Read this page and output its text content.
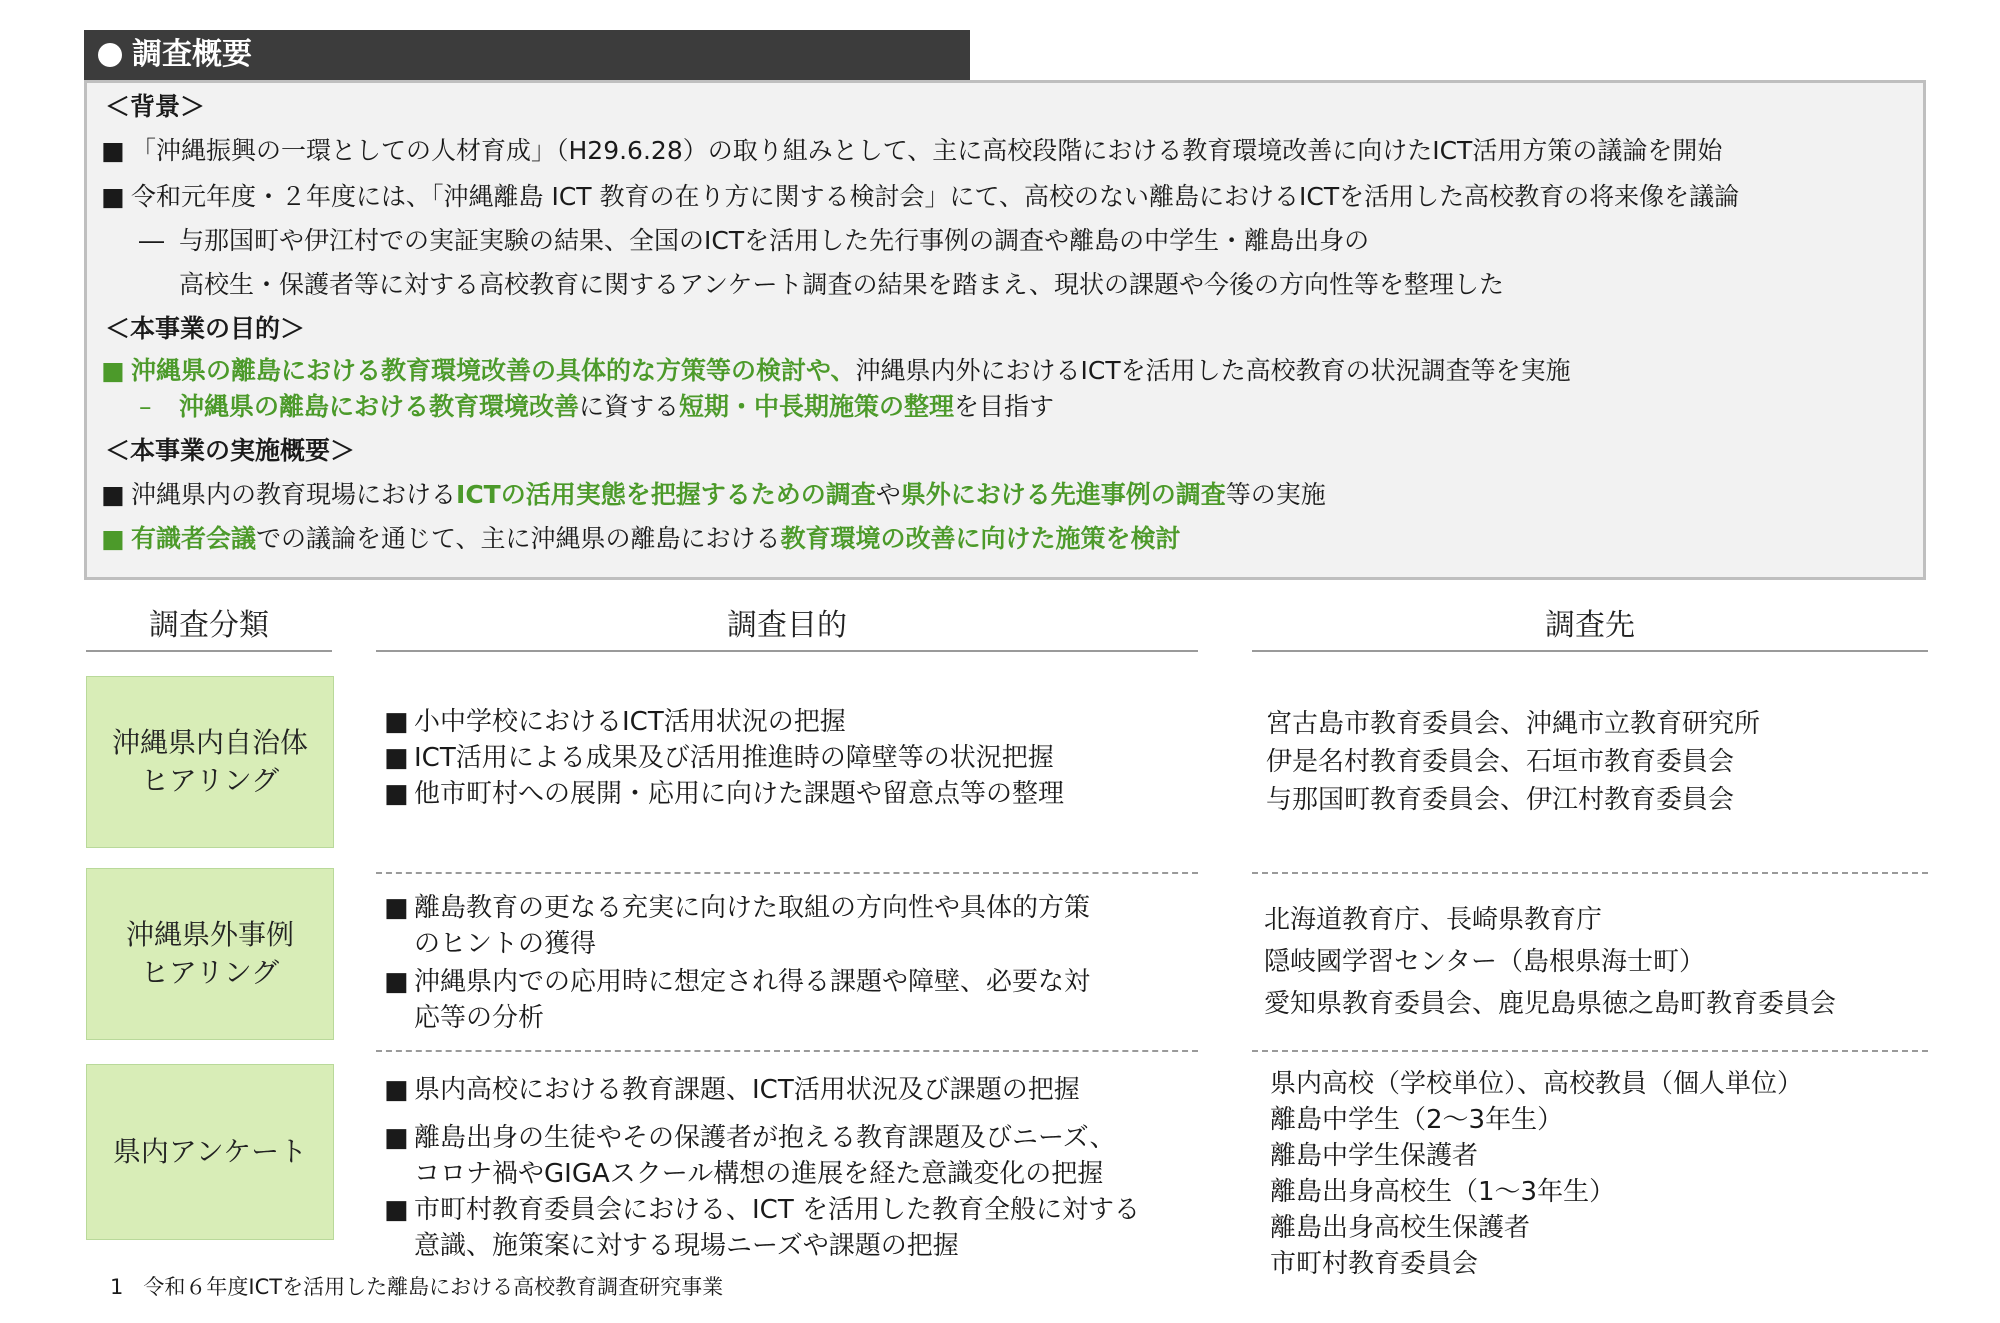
調査概要
＜背景＞
■ 「沖縄振興の一環としての人材育成」（H29.6.28）の取り組みとして、主に高校段階における教育環境改善に向けたICT活用方策の議論を開始
■ 令和元年度・２年度には、「沖縄離島 ICT 教育の在り方に関する検討会」にて、高校のない離島におけるICTを活用した高校教育の将来像を議論
― 与那国町や伊江村での実証実験の結果、全国のICTを活用した先行事例の調査や離島の中学生・離島出身の
高校生・保護者等に対する高校教育に関するアンケート調査の結果を踏まえ、現状の課題や今後の方向性等を整理した
＜本事業の目的＞
■ 沖縄県の離島における教育環境改善の具体的な方策等の検討や、沖縄県内外におけるICTを活用した高校教育の状況調査等を実施
– 沖縄県の離島における教育環境改善に資する短期・中長期施策の整理を目指す
＜本事業の実施概要＞
■ 沖縄県内の教育現場におけるICTの活用実態を把握するための調査や県外における先進事例の調査等の実施
■ 有識者会議での議論を通じて、主に沖縄県の離島における教育環境の改善に向けた施策を検討
調査分類	調査目的	調査先
沖縄県内自治体
ヒアリング
■ 小中学校におけるICT活用状況の把握
■ ICT活用による成果及び活用推進時の障壁等の状況把握
■ 他市町村への展開・応用に向けた課題や留意点等の整理
宮古島市教育委員会、沖縄市立教育研究所
伊是名村教育委員会、石垣市教育委員会
与那国町教育委員会、伊江村教育委員会
沖縄県外事例
ヒアリング
■ 離島教育の更なる充実に向けた取組の方向性や具体的方策
のヒントの獲得
■ 沖縄県内での応用時に想定され得る課題や障壁、必要な対
応等の分析
北海道教育庁、長崎県教育庁
隠岐國学習センター（島根県海士町）
愛知県教育委員会、鹿児島県徳之島町教育委員会
県内アンケート
■ 県内高校における教育課題、ICT活用状況及び課題の把握
■ 離島出身の生徒やその保護者が抱える教育課題及びニーズ、
コロナ禍やGIGAスクール構想の進展を経た意識変化の把握
■ 市町村教育委員会における、ICT を活用した教育全般に対する
意識、施策案に対する現場ニーズや課題の把握
県内高校（学校単位）、高校教員（個人単位）
離島中学生（2～3年生）
離島中学生保護者
離島出身高校生（1～3年生）
離島出身高校生保護者
市町村教育委員会
1 令和６年度ICTを活用した離島における高校教育調査研究事業
